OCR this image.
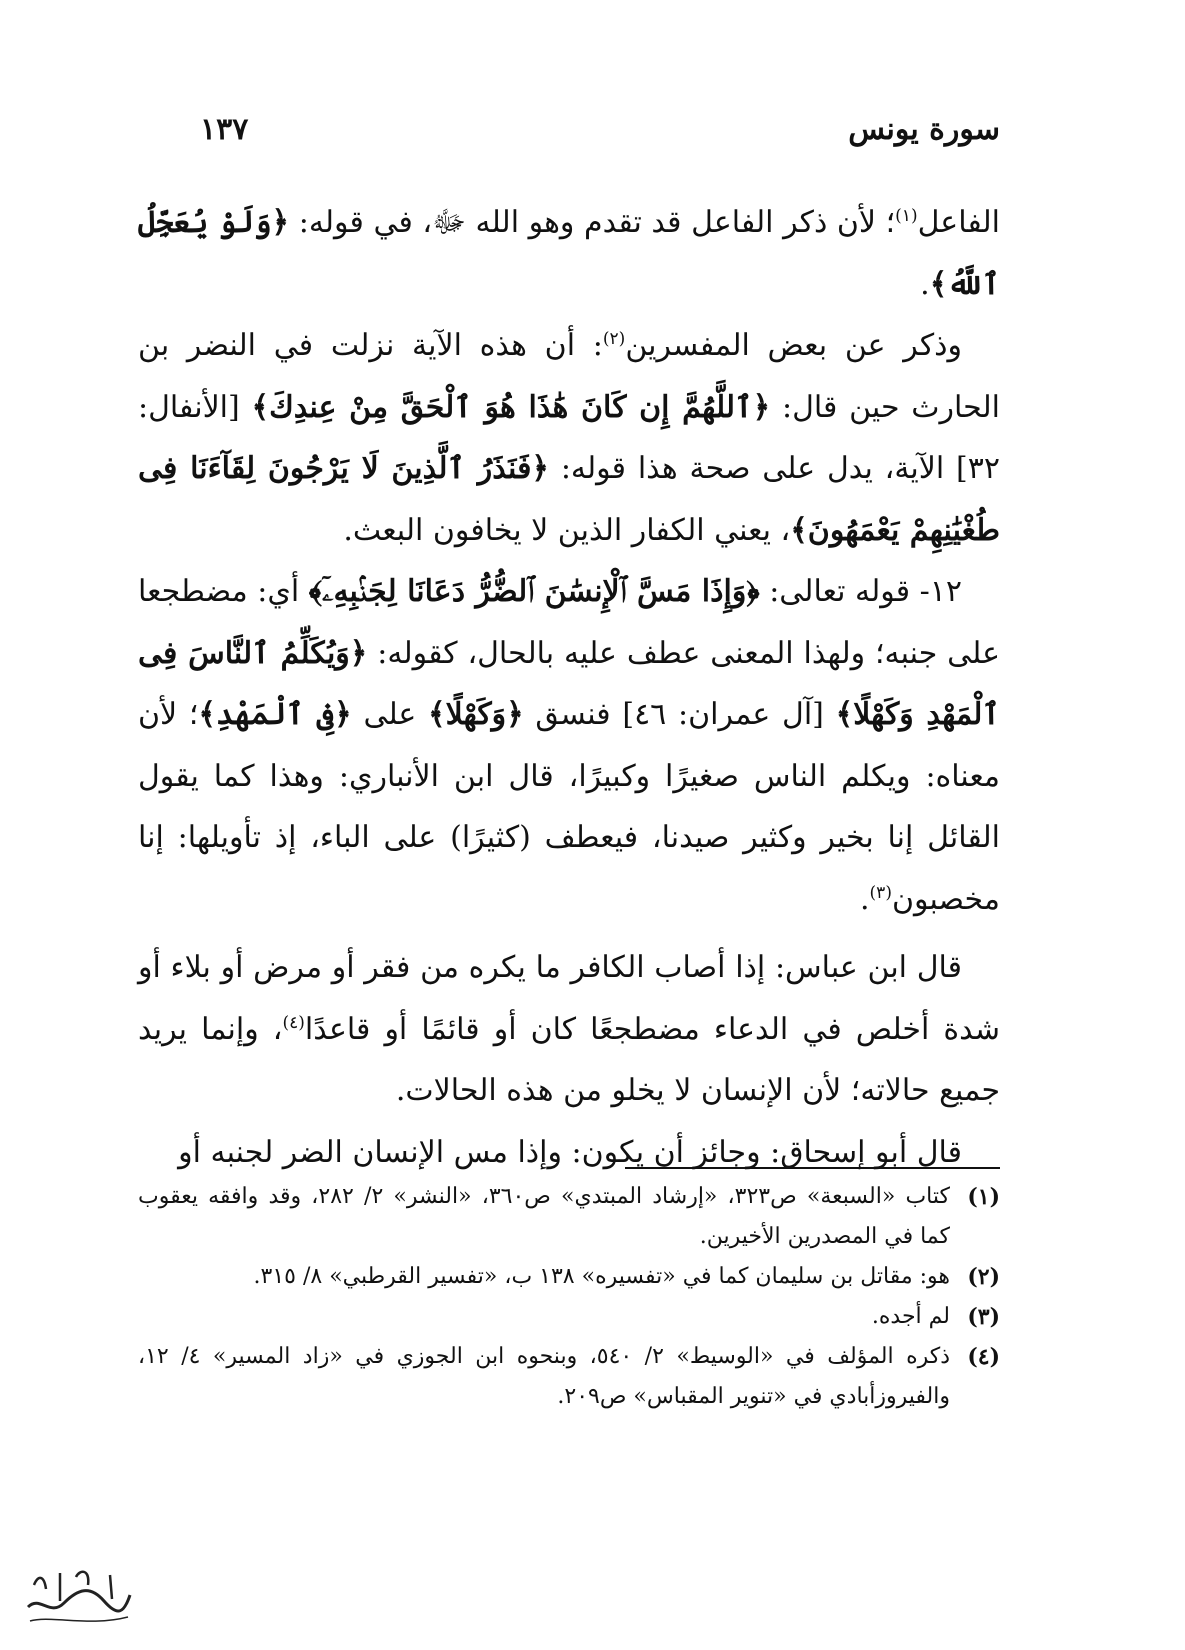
سورة يونس
١٣٧

الفاعل$^{(١)}$؛ لأن ذكر الفاعل قد تقدم وهو الله ﷻ، في قوله: ﴿وَلَوْ يُعَجِّلُ ٱللَّهُ﴾.

وذكر عن بعض المفسرين$^{(٢)}$: أن هذه الآية نزلت في النضر بن الحارث حين قال: ﴿ٱللَّهُمَّ إِن كَانَ هَٰذَا هُوَ ٱلْحَقَّ مِنْ عِندِكَ﴾ [الأنفال: ٣٢] الآية، يدل على صحة هذا قوله: ﴿فَنَذَرُ ٱلَّذِينَ لَا يَرْجُونَ لِقَآءَنَا فِى طُغْيَٰنِهِمْ يَعْمَهُونَ﴾، يعني الكفار الذين لا يخافون البعث.

١٢- قوله تعالى: ﴿وَإِذَا مَسَّ ٱلْإِنسَٰنَ ٱلضُّرُّ دَعَانَا لِجَنۢبِهِۦٓ﴾ أي: مضطجعا على جنبه؛ ولهذا المعنى عطف عليه بالحال، كقوله: ﴿وَيُكَلِّمُ ٱلنَّاسَ فِى ٱلْمَهْدِ وَكَهْلًا﴾ [آل عمران: ٤٦] فنسق ﴿وَكَهْلًا﴾ على ﴿فِى ٱلْمَهْدِ﴾؛ لأن معناه: ويكلم الناس صغيرًا وكبيرًا، قال ابن الأنباري: وهذا كما يقول القائل إنا بخير وكثير صيدنا، فيعطف (كثيرًا) على الباء، إذ تأويلها: إنا مخصبون$^{(٣)}$.

قال ابن عباس: إذا أصاب الكافر ما يكره من فقر أو مرض أو بلاء أو شدة أخلص في الدعاء مضطجعًا كان أو قائمًا أو قاعدًا$^{(٤)}$، وإنما يريد جميع حالاته؛ لأن الإنسان لا يخلو من هذه الحالات.

قال أبو إسحاق: وجائز أن يكون: وإذا مس الإنسان الضر لجنبه أو

(١)
كتاب «السبعة» ص٣٢٣، «إرشاد المبتدي» ص٣٦٠، «النشر» ٢/ ٢٨٢، وقد وافقه يعقوب كما في المصدرين الأخيرين.
(٢)
هو: مقاتل بن سليمان كما في «تفسيره» ١٣٨ ب، «تفسير القرطبي» ٨/ ٣١٥.
(٣)
لم أجده.
(٤)
ذكره المؤلف في «الوسيط» ٢/ ٥٤٠، وبنحوه ابن الجوزي في «زاد المسير» ٤/ ١٢، والفيروزأبادي في «تنوير المقباس» ص٢٠٩.
